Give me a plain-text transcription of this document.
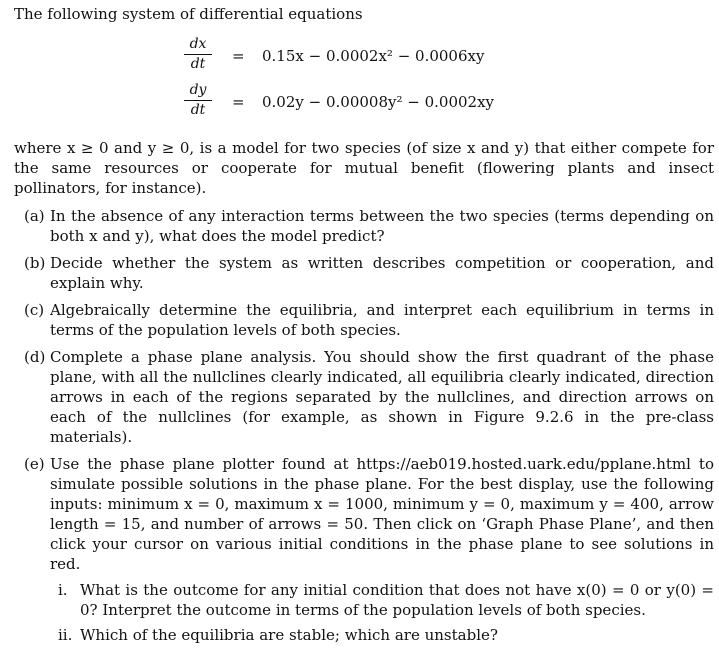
The following system of differential equations

$\frac{dx}{dt} = 0.15x - 0.0002x^2 - 0.0006xy$
$\frac{dy}{dt} = 0.02y - 0.00008y^2 - 0.0002xy$

where x ≥ 0 and y ≥ 0, is a model for two species (of size x and y) that either compete for the same resources or cooperate for mutual benefit (flowering plants and insect pollinators, for instance).

(a) In the absence of any interaction terms between the two species (terms depending on both x and y), what does the model predict?
(b) Decide whether the system as written describes competition or cooperation, and explain why.
(c) Algebraically determine the equilibria, and interpret each equilibrium in terms in terms of the population levels of both species.
(d) Complete a phase plane analysis. You should show the first quadrant of the phase plane, with all the nullclines clearly indicated, all equilibria clearly indicated, direction arrows in each of the regions separated by the nullclines, and direction arrows on each of the nullclines (for example, as shown in Figure 9.2.6 in the pre-class materials).
(e) Use the phase plane plotter found at https://aeb019.hosted.uark.edu/pplane.html to simulate possible solutions in the phase plane. For the best display, use the following inputs: minimum x = 0, maximum x = 1000, minimum y = 0, maximum y = 400, arrow length = 15, and number of arrows = 50. Then click on ‘Graph Phase Plane’, and then click your cursor on various initial conditions in the phase plane to see solutions in red.
i. What is the outcome for any initial condition that does not have x(0) = 0 or y(0) = 0? Interpret the outcome in terms of the population levels of both species.
ii. Which of the equilibria are stable; which are unstable?
